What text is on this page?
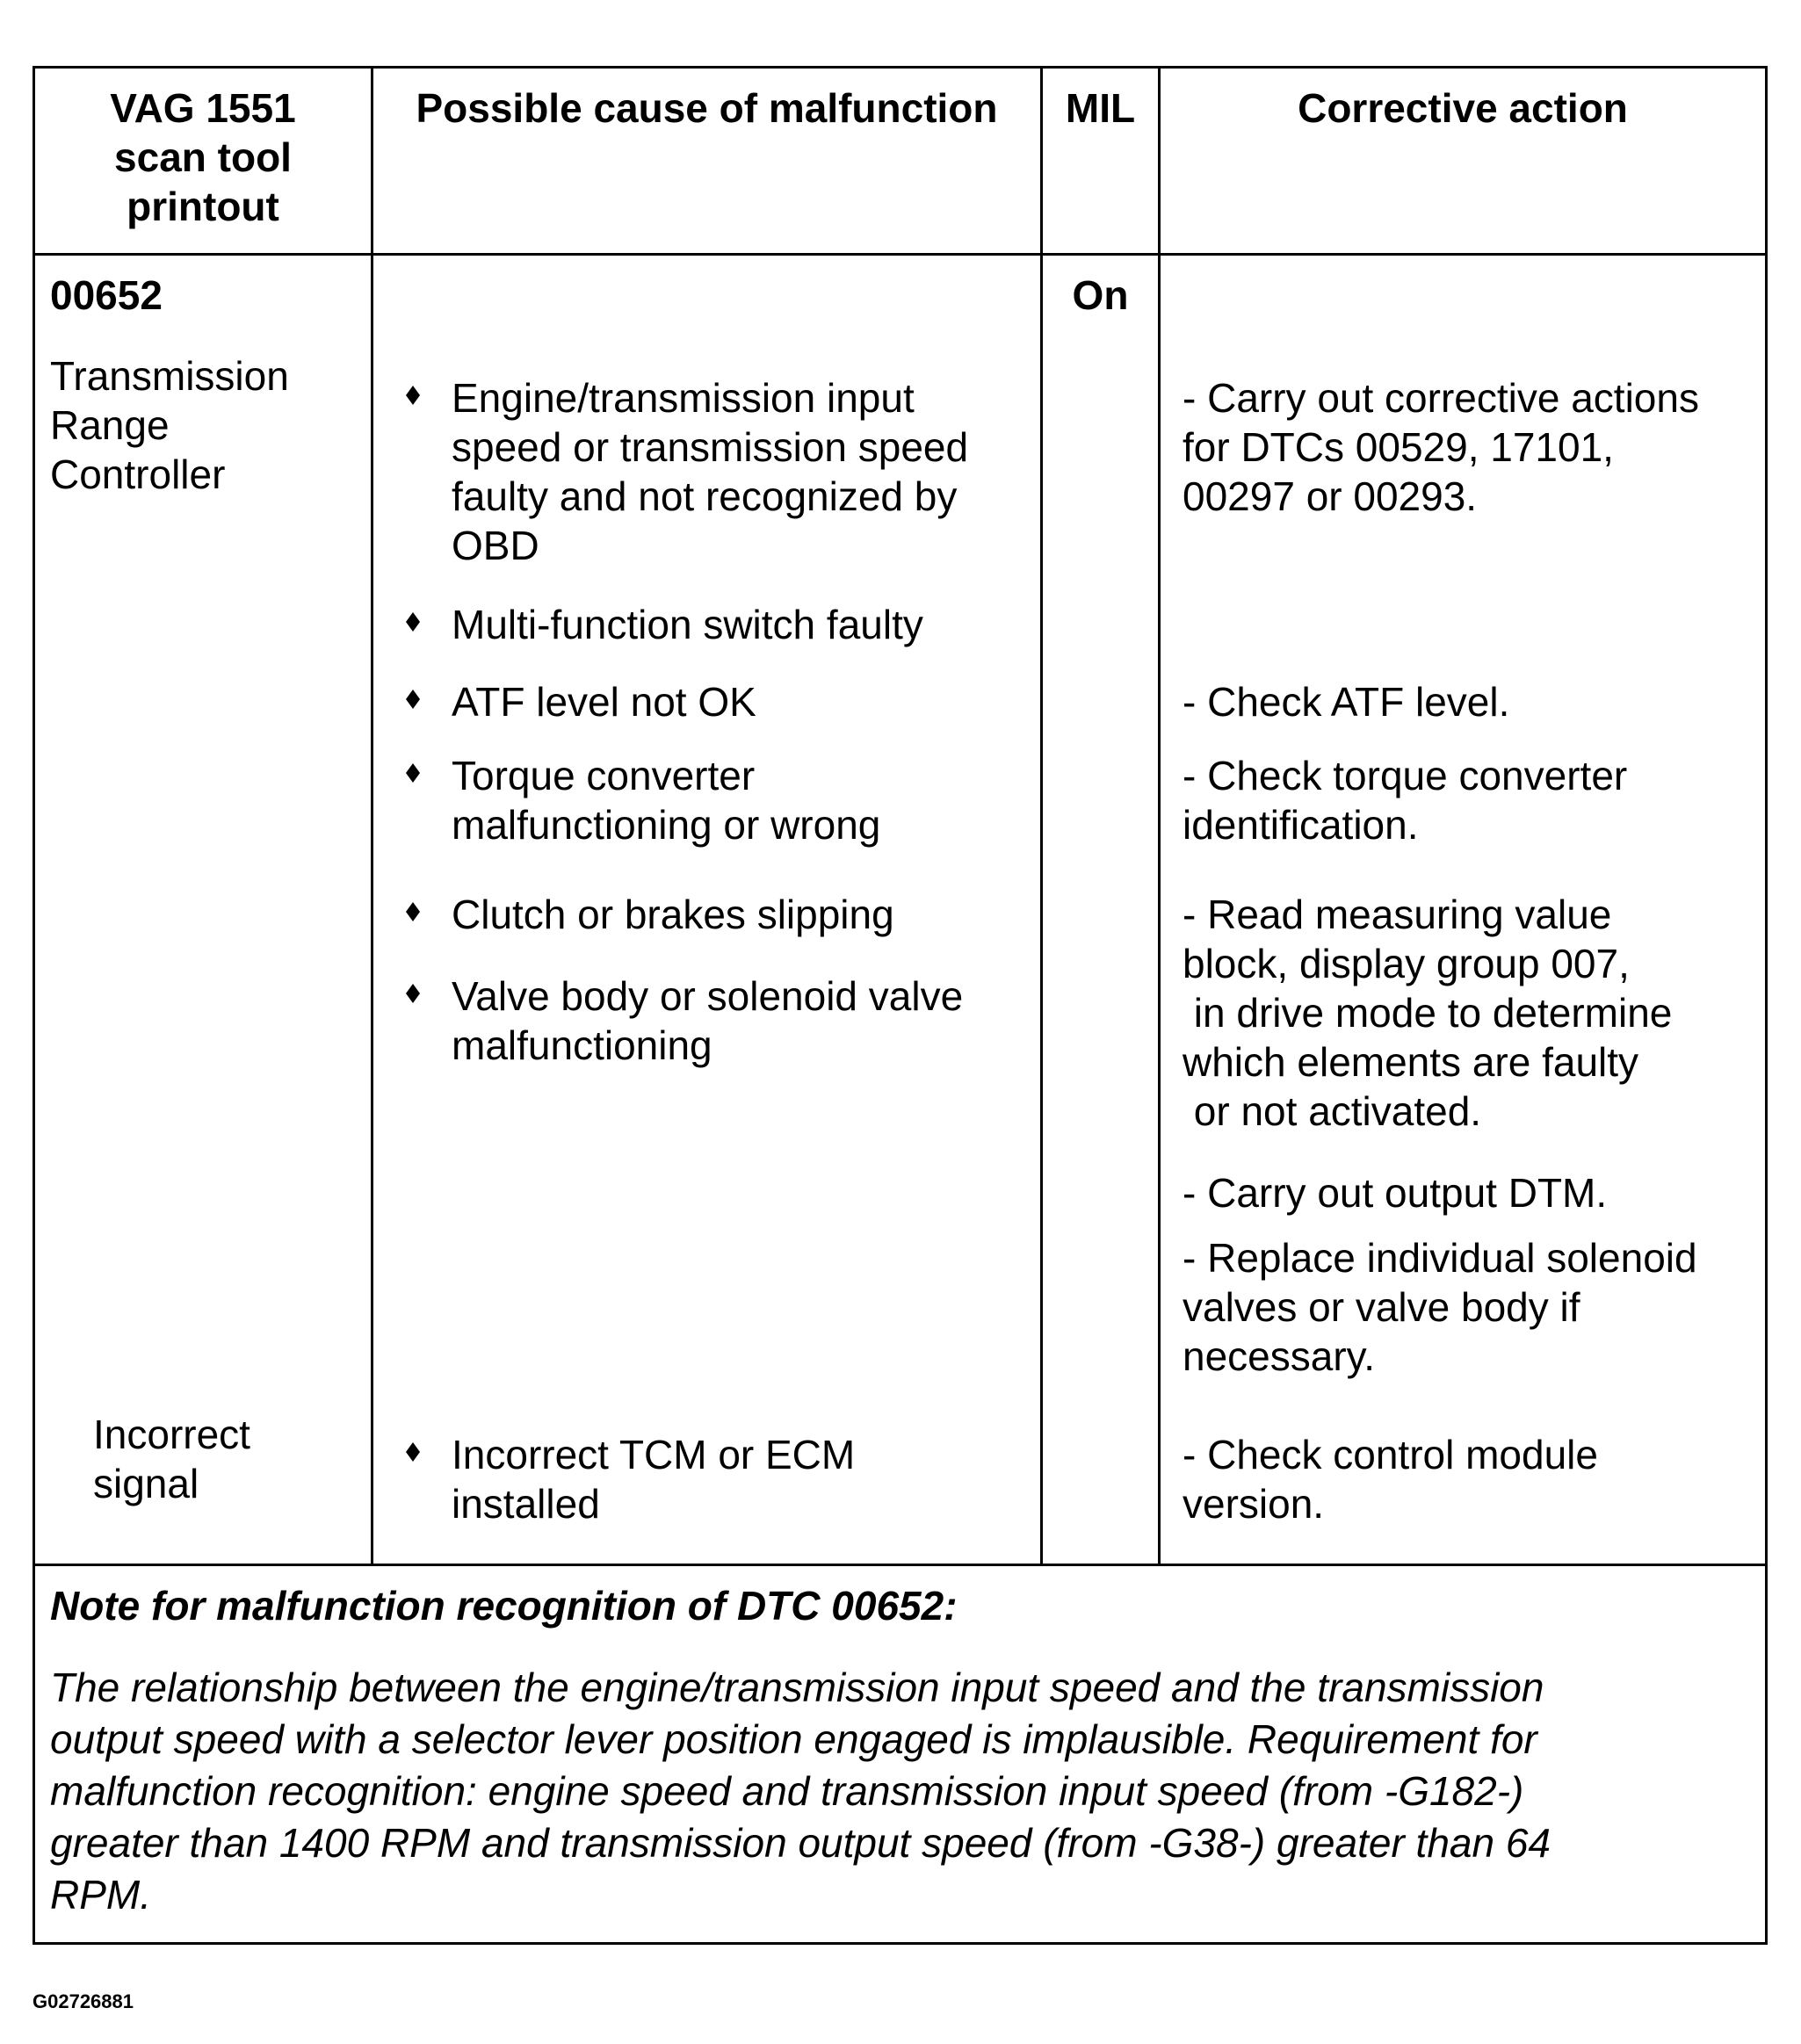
VAG 1551
scan tool
printout
Possible cause of malfunction	MIL	Corrective action
00652
Transmission
Range
Controller
Incorrect
signal
On
Engine/transmission input
speed or transmission speed
faulty and not recognized by
OBD
Multi-function switch faulty
ATF level not OK
Torque converter
malfunctioning or wrong
Clutch or brakes slipping
Valve body or solenoid valve
malfunctioning
Incorrect TCM or ECM
installed
- Carry out corrective actions
for DTCs 00529, 17101,
00297 or 00293.
- Check ATF level.
- Check torque converter
identification.
- Read measuring value
block, display group 007,
in drive mode to determine
which elements are faulty
or not activated.
- Carry out output DTM.
- Replace individual solenoid
valves or valve body if
necessary.
- Check control module
version.
Note for malfunction recognition of DTC 00652:
The relationship between the engine/transmission input speed and the transmission
output speed with a selector lever position engaged is implausible. Requirement for
malfunction recognition: engine speed and transmission input speed (from -G182-)
greater than 1400 RPM and transmission output speed (from -G38-) greater than 64
RPM.
G02726881
